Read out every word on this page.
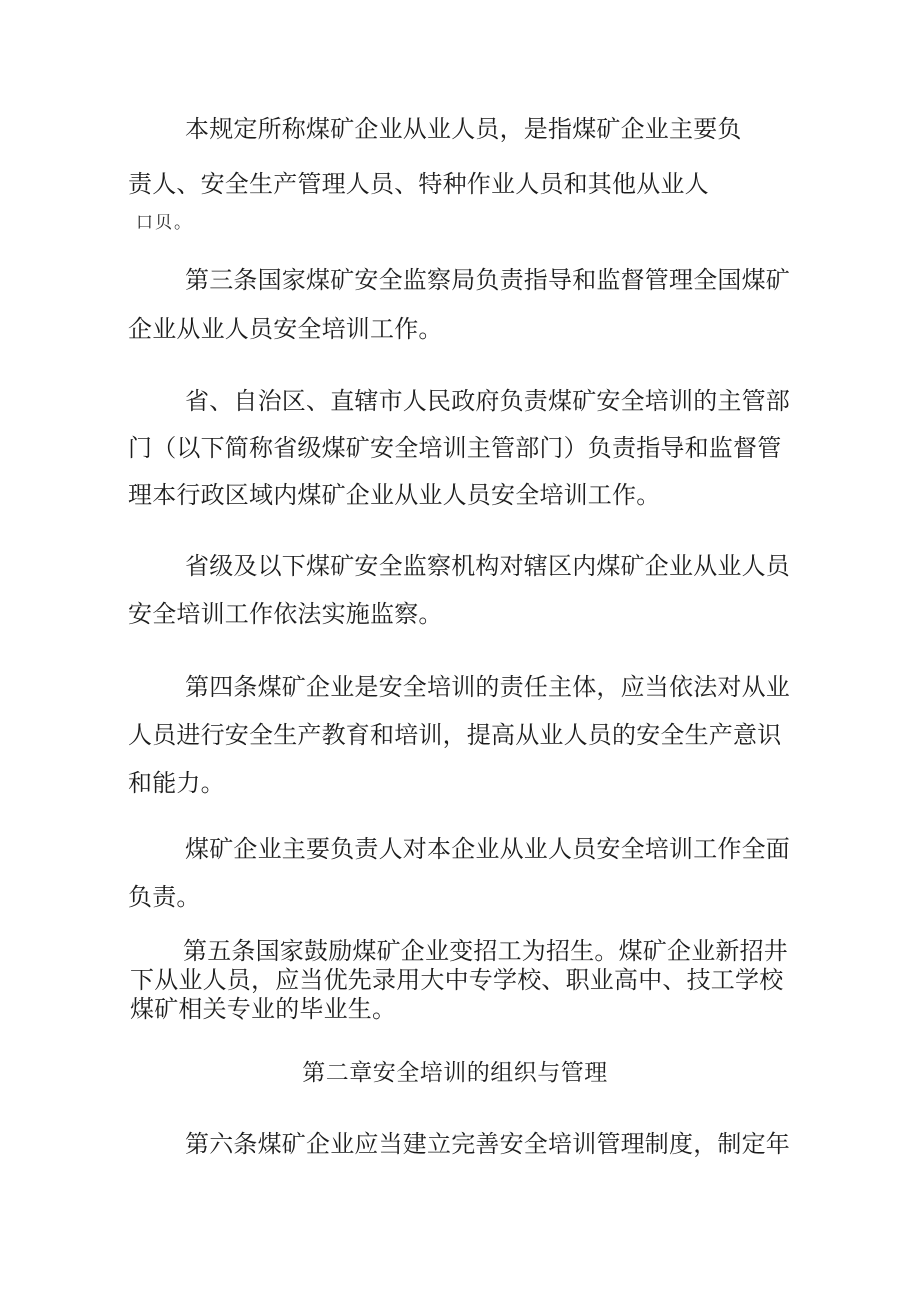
本规定所称煤矿企业从业人员，是指煤矿企业主要负
责人、安全生产管理人员、特种作业人员和其他从业人
口贝。
第三条国家煤矿安全监察局负责指导和监督管理全国煤矿
企业从业人员安全培训工作。
省、自治区、直辖市人民政府负责煤矿安全培训的主管部
门（以下简称省级煤矿安全培训主管部门）负责指导和监督管
理本行政区域内煤矿企业从业人员安全培训工作。
省级及以下煤矿安全监察机构对辖区内煤矿企业从业人员
安全培训工作依法实施监察。
第四条煤矿企业是安全培训的责任主体，应当依法对从业
人员进行安全生产教育和培训，提高从业人员的安全生产意识
和能力。
煤矿企业主要负责人对本企业从业人员安全培训工作全面
负责。
第五条国家鼓励煤矿企业变招工为招生。煤矿企业新招井
下从业人员，应当优先录用大中专学校、职业高中、技工学校
煤矿相关专业的毕业生。
第二章安全培训的组织与管理
第六条煤矿企业应当建立完善安全培训管理制度，制定年
